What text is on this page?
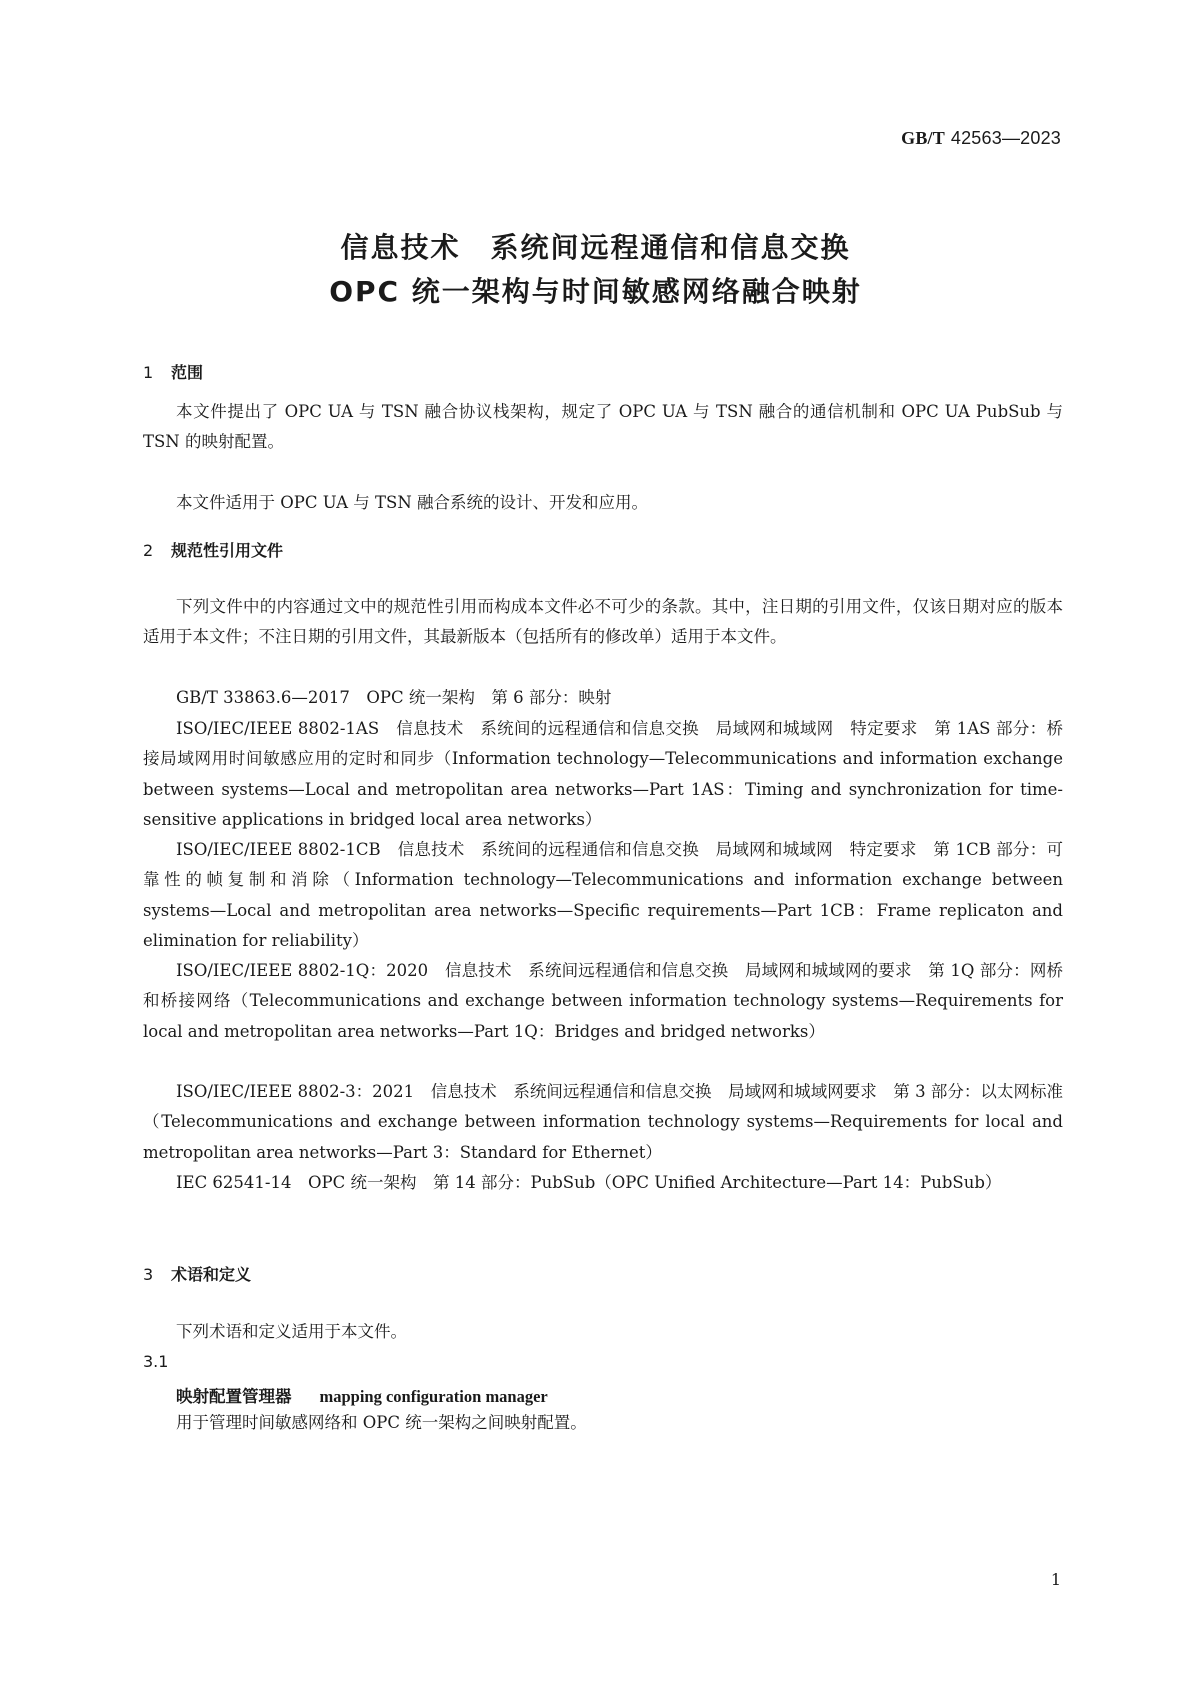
GB/T 42563—2023
信息技术　系统间远程通信和信息交换
OPC 统一架构与时间敏感网络融合映射
1 范围

本文件提出了 OPC UA 与 TSN 融合协议栈架构，规定了 OPC UA 与 TSN 融合的通信机制和 OPC UA PubSub 与 TSN 的映射配置。

本文件适用于 OPC UA 与 TSN 融合系统的设计、开发和应用。

2 规范性引用文件

下列文件中的内容通过文中的规范性引用而构成本文件必不可少的条款。其中，注日期的引用文件，仅该日期对应的版本适用于本文件；不注日期的引用文件，其最新版本（包括所有的修改单）适用于本文件。

GB/T 33863.6—2017　OPC 统一架构　第 6 部分：映射

ISO/IEC/IEEE 8802-1AS　信息技术　系统间的远程通信和信息交换　局域网和城域网　特定要求　第 1AS 部分：桥接局域网用时间敏感应用的定时和同步（Information technology—Telecommunications and information exchange between systems—Local and metropolitan area networks—Part 1AS：Timing and synchronization for time-sensitive applications in bridged local area networks）

ISO/IEC/IEEE 8802-1CB　信息技术　系统间的远程通信和信息交换　局域网和城域网　特定要求　第 1CB 部分：可靠性的帧复制和消除（Information technology—Telecommunications and information exchange between systems—Local and metropolitan area networks—Specific requirements—Part 1CB：Frame replicaton and elimination for reliability）

ISO/IEC/IEEE 8802-1Q：2020　信息技术　系统间远程通信和信息交换　局域网和城域网的要求　第 1Q 部分：网桥和桥接网络（Telecommunications and exchange between information technology systems—Requirements for local and metropolitan area networks—Part 1Q：Bridges and bridged networks）

ISO/IEC/IEEE 8802-3：2021　信息技术　系统间远程通信和信息交换　局域网和城域网要求　第 3 部分：以太网标准（Telecommunications and exchange between information technology systems—Requirements for local and metropolitan area networks—Part 3：Standard for Ethernet）

IEC 62541-14　OPC 统一架构　第 14 部分：PubSub（OPC Unified Architecture—Part 14：PubSub）

3 术语和定义

下列术语和定义适用于本文件。

3.1
映射配置管理器 mapping configuration manager

用于管理时间敏感网络和 OPC 统一架构之间映射配置。

1
